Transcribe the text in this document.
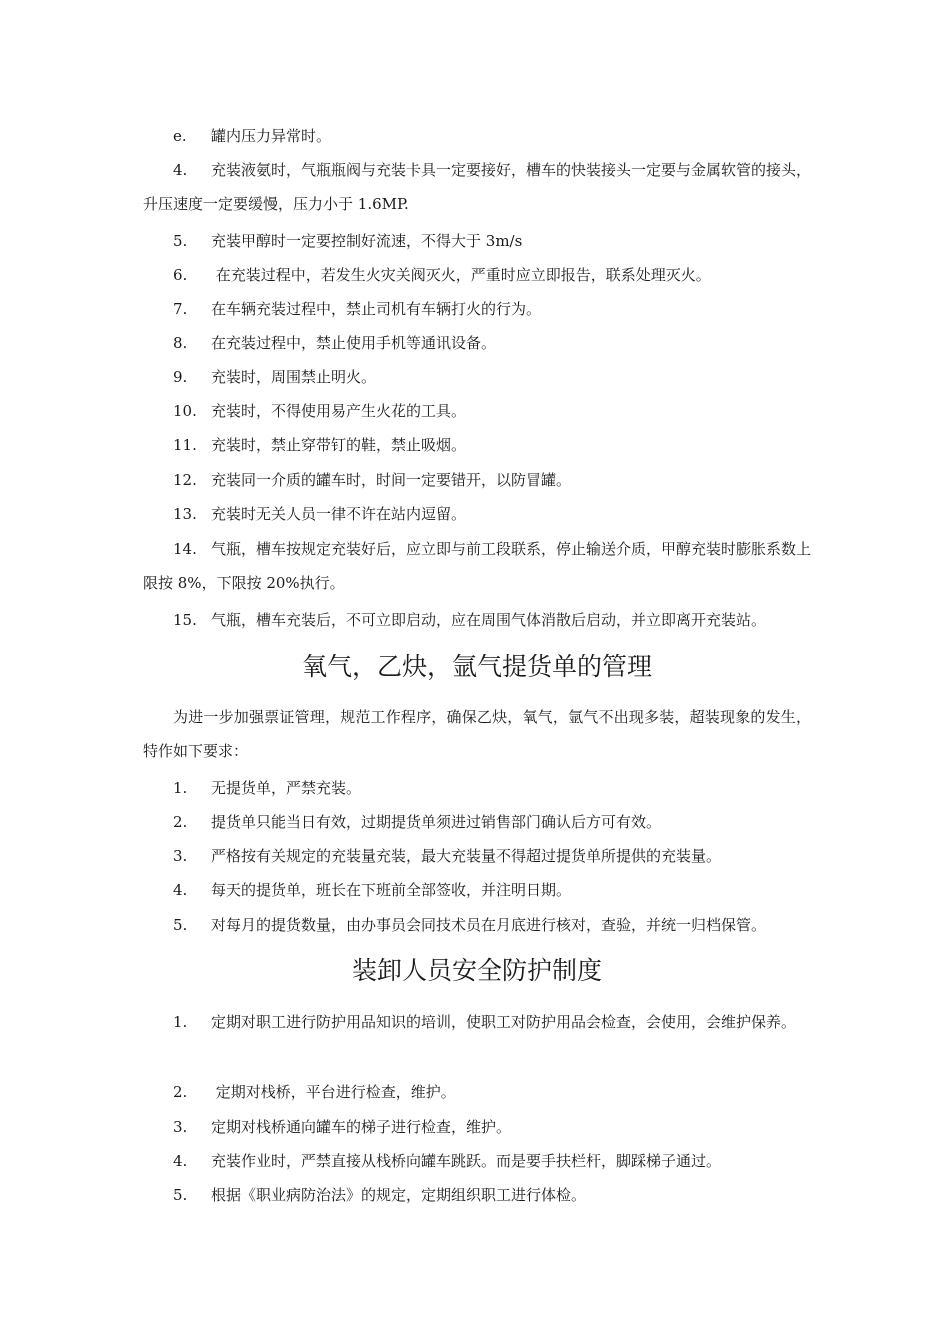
e. 罐内压力异常时。

4. 充装液氨时，气瓶瓶阀与充装卡具一定要接好，槽车的快装接头一定要与金属软管的接头，升压速度一定要缓慢，压力小于 1.6MP.

5. 充装甲醇时一定要控制好流速，不得大于 3m/s

6. 在充装过程中，若发生火灾关阀灭火，严重时应立即报告，联系处理灭火。

7. 在车辆充装过程中，禁止司机有车辆打火的行为。

8. 在充装过程中，禁止使用手机等通讯设备。

9. 充装时，周围禁止明火。

10. 充装时，不得使用易产生火花的工具。

11. 充装时，禁止穿带钉的鞋，禁止吸烟。

12. 充装同一介质的罐车时，时间一定要错开，以防冒罐。

13. 充装时无关人员一律不许在站内逗留。

14. 气瓶，槽车按规定充装好后，应立即与前工段联系，停止输送介质，甲醇充装时膨胀系数上限按 8%，下限按 20%执行。

15. 气瓶，槽车充装后，不可立即启动，应在周围气体消散后启动，并立即离开充装站。

氧气，乙炔，氩气提货单的管理

为进一步加强票证管理，规范工作程序，确保乙炔，氧气，氩气不出现多装，超装现象的发生，特作如下要求：

1. 无提货单，严禁充装。

2. 提货单只能当日有效，过期提货单须进过销售部门确认后方可有效。

3. 严格按有关规定的充装量充装，最大充装量不得超过提货单所提供的充装量。

4. 每天的提货单，班长在下班前全部签收，并注明日期。

5. 对每月的提货数量，由办事员会同技术员在月底进行核对，查验，并统一归档保管。

装卸人员安全防护制度

1. 定期对职工进行防护用品知识的培训，使职工对防护用品会检查，会使用，会维护保养。

2. 定期对栈桥，平台进行检查，维护。

3. 定期对栈桥通向罐车的梯子进行检查，维护。

4. 充装作业时，严禁直接从栈桥向罐车跳跃。而是要手扶栏杆，脚踩梯子通过。

5. 根据《职业病防治法》的规定，定期组织职工进行体检。
